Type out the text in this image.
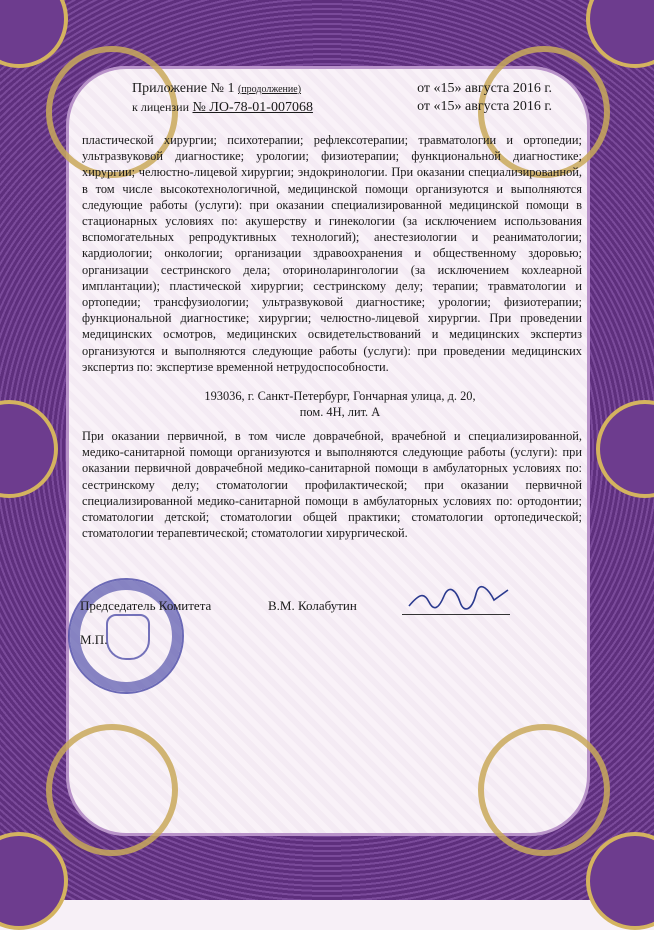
Приложение № 1 (продолжение)	от «15» августа 2016 г.
к лицензии № ЛО-78-01-007068	от «15» августа 2016 г.
пластической хирургии; психотерапии; рефлексотерапии; травматологии и ортопедии; ультразвуковой диагностике; урологии; физиотерапии; функциональной диагностике; хирургии; челюстно-лицевой хирургии; эндокринологии. При оказании специализированной, в том числе высокотехнологичной, медицинской помощи организуются и выполняются следующие работы (услуги): при оказании специализированной медицинской помощи в стационарных условиях по: акушерству и гинекологии (за исключением использования вспомогательных репродуктивных технологий); анестезиологии и реаниматологии; кардиологии; онкологии; организации здравоохранения и общественному здоровью; организации сестринского дела; оториноларингологии (за исключением кохлеарной имплантации); пластической хирургии; сестринскому делу; терапии; травматологии и ортопедии; трансфузиологии; ультразвуковой диагностике; урологии; физиотерапии; функциональной диагностике; хирургии; челюстно-лицевой хирургии. При проведении медицинских осмотров, медицинских освидетельствований и медицинских экспертиз организуются и выполняются следующие работы (услуги): при проведении медицинских экспертиз по: экспертизе временной нетрудоспособности.
193036, г. Санкт-Петербург, Гончарная улица, д. 20,
пом. 4Н, лит. А
При оказании первичной, в том числе доврачебной, врачебной и специализированной, медико-санитарной помощи организуются и выполняются следующие работы (услуги): при оказании первичной доврачебной медико-санитарной помощи в амбулаторных условиях по: сестринскому делу; стоматологии профилактической; при оказании первичной специализированной медико-санитарной помощи в амбулаторных условиях по: ортодонтии; стоматологии детской; стоматологии общей практики; стоматологии ортопедической; стоматологии терапевтической; стоматологии хирургической.
Председатель Комитета	В.М. Колабутин
М.П.
